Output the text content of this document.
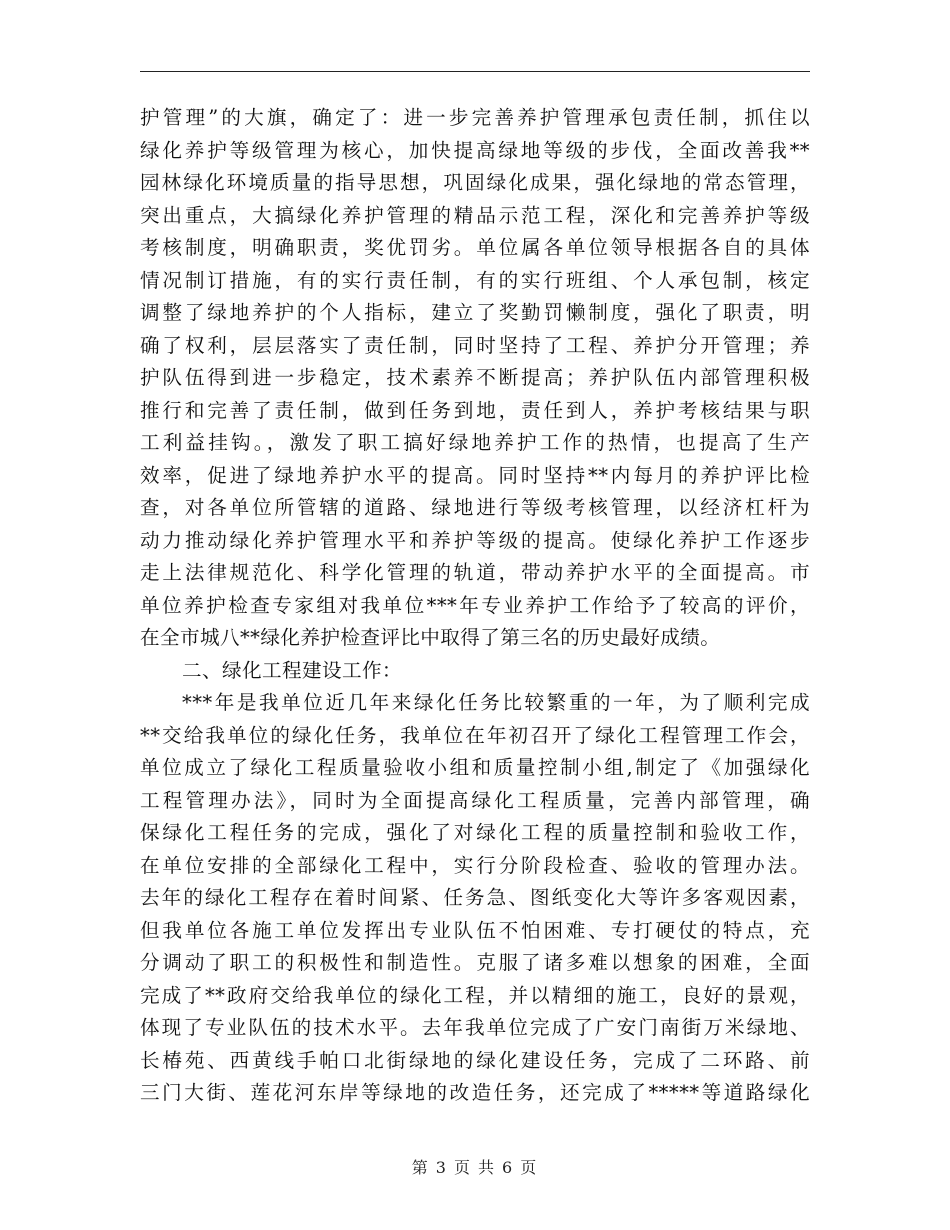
护管理”的大旗，确定了：进一步完善养护管理承包责任制，抓住以
绿化养护等级管理为核心，加快提高绿地等级的步伐，全面改善我**
园林绿化环境质量的指导思想，巩固绿化成果，强化绿地的常态管理，
突出重点，大搞绿化养护管理的精品示范工程，深化和完善养护等级
考核制度，明确职责，奖优罚劣。单位属各单位领导根据各自的具体
情况制订措施，有的实行责任制，有的实行班组、个人承包制，核定
调整了绿地养护的个人指标，建立了奖勤罚懒制度，强化了职责，明
确了权利，层层落实了责任制，同时坚持了工程、养护分开管理；养
护队伍得到进一步稳定，技术素养不断提高；养护队伍内部管理积极
推行和完善了责任制，做到任务到地，责任到人，养护考核结果与职
工利益挂钩。，激发了职工搞好绿地养护工作的热情，也提高了生产
效率，促进了绿地养护水平的提高。同时坚持**内每月的养护评比检
查，对各单位所管辖的道路、绿地进行等级考核管理，以经济杠杆为
动力推动绿化养护管理水平和养护等级的提高。使绿化养护工作逐步
走上法律规范化、科学化管理的轨道，带动养护水平的全面提高。市
单位养护检查专家组对我单位***年专业养护工作给予了较高的评价，
在全市城八**绿化养护检查评比中取得了第三名的历史最好成绩。
二、绿化工程建设工作：
***年是我单位近几年来绿化任务比较繁重的一年，为了顺利完成
**交给我单位的绿化任务，我单位在年初召开了绿化工程管理工作会，
单位成立了绿化工程质量验收小组和质量控制小组,制定了《加强绿化
工程管理办法》，同时为全面提高绿化工程质量，完善内部管理，确
保绿化工程任务的完成，强化了对绿化工程的质量控制和验收工作，
在单位安排的全部绿化工程中，实行分阶段检查、验收的管理办法。
去年的绿化工程存在着时间紧、任务急、图纸变化大等许多客观因素，
但我单位各施工单位发挥出专业队伍不怕困难、专打硬仗的特点，充
分调动了职工的积极性和制造性。克服了诸多难以想象的困难，全面
完成了**政府交给我单位的绿化工程，并以精细的施工，良好的景观，
体现了专业队伍的技术水平。去年我单位完成了广安门南街万米绿地、
长椿苑、西黄线手帕口北街绿地的绿化建设任务，完成了二环路、前
三门大街、莲花河东岸等绿地的改造任务，还完成了*****等道路绿化
第 3 页 共 6 页
